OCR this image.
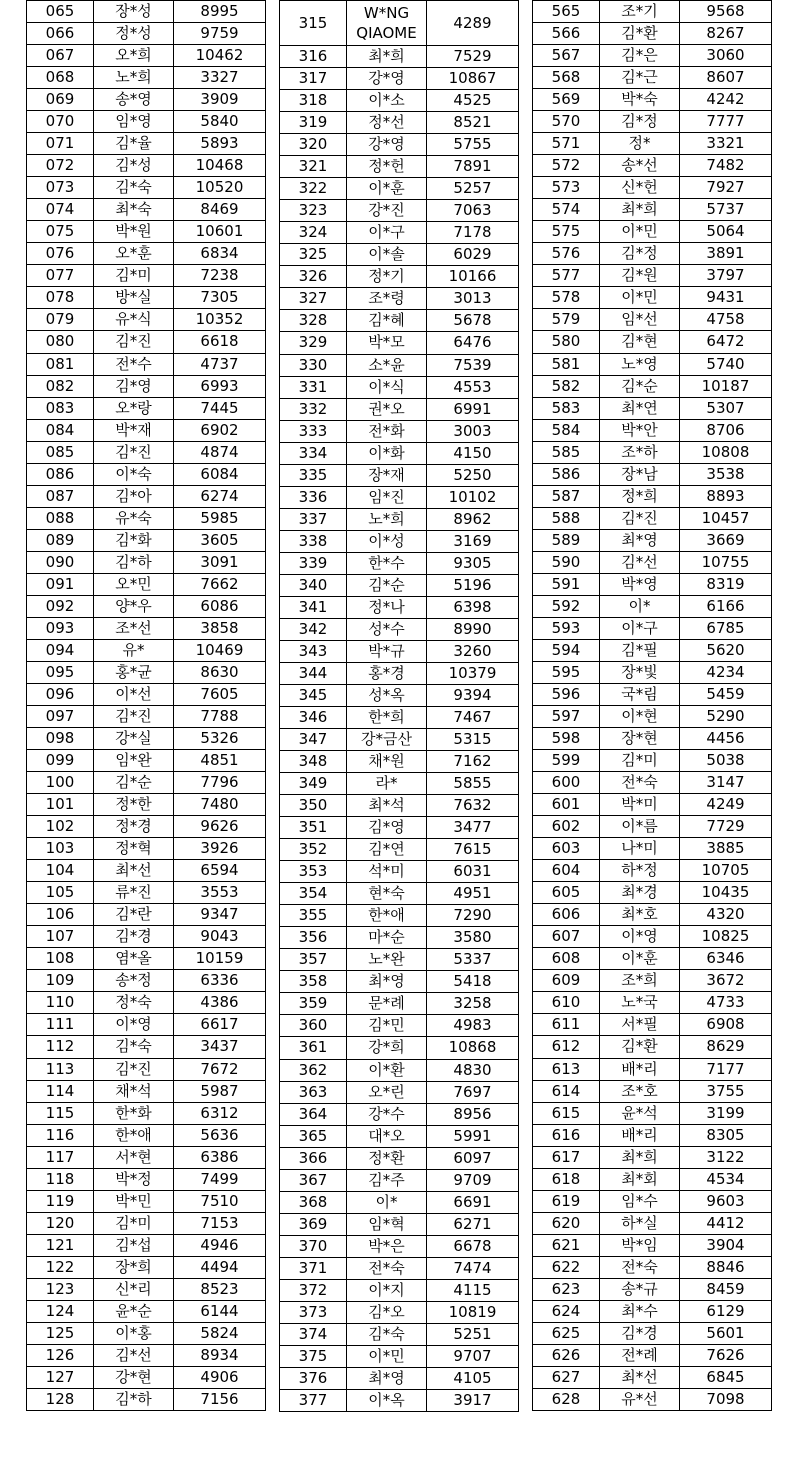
065	장*성	8995
066	정*성	9759
067	오*희	10462
068	노*희	3327
069	송*영	3909
070	임*영	5840
071	김*율	5893
072	김*성	10468
073	김*숙	10520
074	최*숙	8469
075	박*원	10601
076	오*훈	6834
077	김*미	7238
078	방*실	7305
079	유*식	10352
080	김*진	6618
081	전*수	4737
082	김*영	6993
083	오*랑	7445
084	박*재	6902
085	김*진	4874
086	이*숙	6084
087	김*아	6274
088	유*숙	5985
089	김*화	3605
090	김*하	3091
091	오*민	7662
092	양*우	6086
093	조*선	3858
094	유*	10469
095	홍*균	8630
096	이*선	7605
097	김*진	7788
098	강*실	5326
099	임*완	4851
100	김*순	7796
101	정*한	7480
102	정*경	9626
103	정*혁	3926
104	최*선	6594
105	류*진	3553
106	김*란	9347
107	김*경	9043
108	염*올	10159
109	송*정	6336
110	정*숙	4386
111	이*영	6617
112	김*숙	3437
113	김*진	7672
114	채*석	5987
115	한*화	6312
116	한*애	5636
117	서*현	6386
118	박*정	7499
119	박*민	7510
120	김*미	7153
121	김*섭	4946
122	장*희	4494
123	신*리	8523
124	윤*순	6144
125	이*홍	5824
126	김*선	8934
127	강*현	4906
128	김*하	7156
315	W*NG QIAOME	4289
316	최*희	7529
317	강*영	10867
318	이*소	4525
319	정*선	8521
320	강*영	5755
321	정*헌	7891
322	이*훈	5257
323	강*진	7063
324	이*구	7178
325	이*솔	6029
326	정*기	10166
327	조*령	3013
328	김*혜	5678
329	박*모	6476
330	소*윤	7539
331	이*식	4553
332	권*오	6991
333	전*화	3003
334	이*화	4150
335	장*재	5250
336	임*진	10102
337	노*희	8962
338	이*성	3169
339	한*수	9305
340	김*순	5196
341	정*나	6398
342	성*수	8990
343	박*규	3260
344	홍*경	10379
345	성*옥	9394
346	한*희	7467
347	강*금산	5315
348	채*원	7162
349	라*	5855
350	최*석	7632
351	김*영	3477
352	김*연	7615
353	석*미	6031
354	현*숙	4951
355	한*애	7290
356	마*순	3580
357	노*완	5337
358	최*영	5418
359	문*례	3258
360	김*민	4983
361	강*희	10868
362	이*환	4830
363	오*린	7697
364	강*수	8956
365	대*오	5991
366	정*환	6097
367	김*주	9709
368	이*	6691
369	임*혁	6271
370	박*은	6678
371	전*숙	7474
372	이*지	4115
373	김*오	10819
374	김*숙	5251
375	이*민	9707
376	최*영	4105
377	이*옥	3917
565	조*기	9568
566	김*환	8267
567	김*은	3060
568	김*근	8607
569	박*숙	4242
570	김*정	7777
571	정*	3321
572	송*선	7482
573	신*헌	7927
574	최*희	5737
575	이*민	5064
576	김*정	3891
577	김*원	3797
578	이*민	9431
579	임*선	4758
580	김*현	6472
581	노*영	5740
582	김*순	10187
583	최*연	5307
584	박*안	8706
585	조*하	10808
586	장*남	3538
587	정*희	8893
588	김*진	10457
589	최*영	3669
590	김*선	10755
591	박*영	8319
592	이*	6166
593	이*구	6785
594	김*필	5620
595	장*빛	4234
596	국*림	5459
597	이*현	5290
598	장*현	4456
599	김*미	5038
600	전*숙	3147
601	박*미	4249
602	이*름	7729
603	나*미	3885
604	하*정	10705
605	최*경	10435
606	최*호	4320
607	이*영	10825
608	이*훈	6346
609	조*희	3672
610	노*국	4733
611	서*필	6908
612	김*환	8629
613	배*리	7177
614	조*호	3755
615	윤*석	3199
616	배*리	8305
617	최*희	3122
618	최*회	4534
619	임*수	9603
620	하*실	4412
621	박*임	3904
622	전*숙	8846
623	송*규	8459
624	최*수	6129
625	김*경	5601
626	전*례	7626
627	최*선	6845
628	유*선	7098
